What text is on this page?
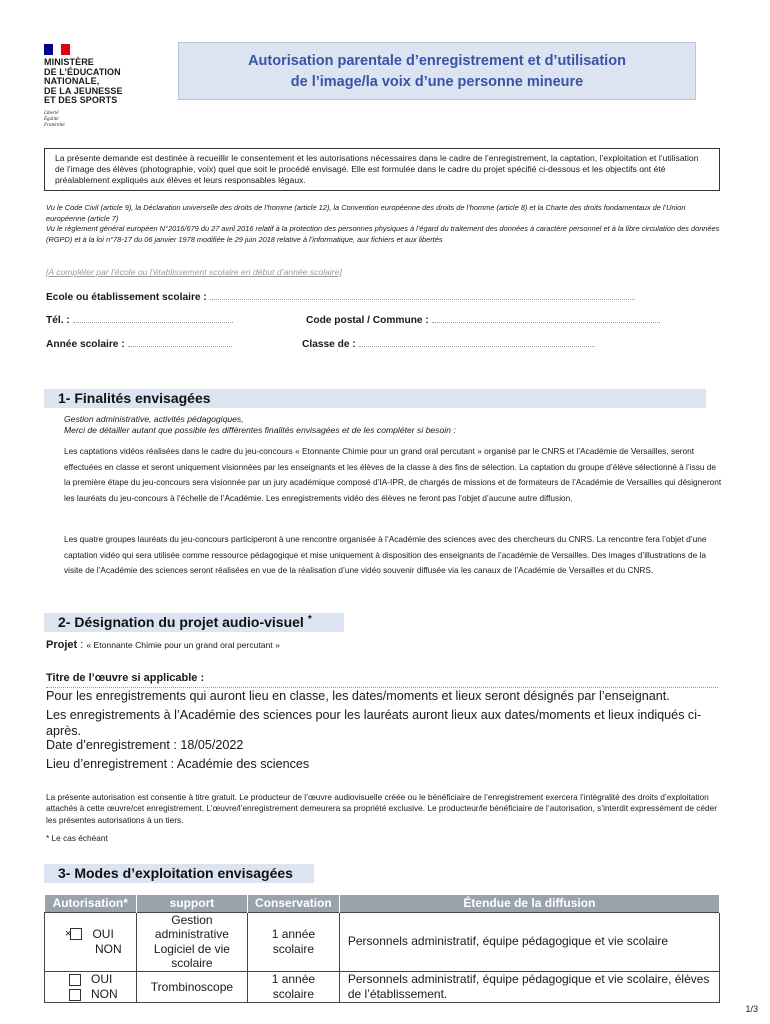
MINISTÈRE
DE L’ÉDUCATION
NATIONALE,
DE LA JEUNESSE
ET DES SPORTS
Liberté
Égalité
Fraternité
Autorisation parentale d’enregistrement et d’utilisation
de l’image/la voix d’une personne mineure
La présente demande est destinée à recueillir le consentement et les autorisations nécessaires dans le cadre de l’enregistrement, la captation, l’exploitation et l’utilisation de l’image des élèves (photographie, voix) quel que soit le procédé envisagé. Elle est formulée dans le cadre du projet spécifié ci-dessous et les objectifs ont été préalablement expliqués aux élèves et leurs responsables légaux.
Vu le Code Civil (article 9), la Déclaration universelle des droits de l’homme (article 12), la Convention européenne des droits de l’homme (article 8) et la Charte des droits fondamentaux de l’Union européenne (article 7)
Vu le règlement général européen N°2016/679 du 27 avril 2016 relatif à la protection des personnes physiques à l’égard du traitement des données à caractère personnel et à la libre circulation des données (RGPD) et à la loi n°78-17 du 06 janvier 1978 modifiée le 29 juin 2018 relative à l’informatique, aux fichiers et aux libertés
[A compléter par l’école ou l’établissement scolaire en début d’année scolaire]
Ecole ou établissement scolaire :
Tél. :	Code postal / Commune :
Année scolaire :	Classe de :
1- Finalités envisagées
Gestion administrative, activités pédagogiques,
Merci de détailler autant que possible les différentes finalités envisagées et de les compléter si besoin :
Les captations vidéos réalisées dans le cadre du jeu-concours « Etonnante Chimie pour un grand oral percutant » organisé par le CNRS et l’Académie de Versailles, seront effectuées en classe et seront uniquement visionnées par les enseignants et les élèves de la classe à des fins de sélection. La captation du groupe d’élève sélectionné à l’issu de la première étape du jeu-concours sera visionnée par un jury académique composé d’IA-IPR, de chargés de missions et de formateurs de l’Académie de Versailles qui désigneront les lauréats du jeu-concours à l’échelle de l’Académie. Les enregistrements vidéo des élèves ne feront pas l’objet d’aucune autre diffusion.
Les quatre groupes lauréats du jeu-concours participeront à une rencontre organisée à l’Académie des sciences avec des chercheurs du CNRS. La rencontre fera l’objet d’une captation vidéo qui sera utilisée comme ressource pédagogique et mise uniquement à disposition des enseignants de l’académie de Versailles. Des images d’illustrations de la visite de l’Académie des sciences seront réalisées en vue de la réalisation d’une vidéo souvenir diffusée via les canaux de l’Académie de Versailles et du CNRS.
2- Désignation du projet audio-visuel *
Projet : « Etonnante Chimie pour un grand oral percutant »
Titre de l’œuvre si applicable :
Pour les enregistrements qui auront lieu en classe, les dates/moments et lieux seront désignés par l’enseignant.
Les enregistrements à l’Académie des sciences pour les lauréats auront lieux aux dates/moments et lieux indiqués ci-après.
Date d’enregistrement : 18/05/2022
Lieu d’enregistrement : Académie des sciences
La présente autorisation est consentie à titre gratuit. Le producteur de l’œuvre audiovisuelle créée ou le bénéficiaire de l’enregistrement exercera l’intégralité des droits d’exploitation attachés à cette œuvre/cet enregistrement. L’œuvre/l’enregistrement demeurera sa propriété exclusive. Le producteur/le bénéficiaire de l’autorisation, s’interdit expressément de céder les présentes autorisations à un tiers.
* Le cas échéant
3- Modes d’exploitation envisagées
Autorisation*	support	Conservation	Étendue de la diffusion

× OUI
NON	Gestion administrative Logiciel de vie scolaire	1 année scolaire	Personnels administratif, équipe pédagogique et vie scolaire

OUI
NON	Trombinoscope	1 année scolaire	Personnels administratif, équipe pédagogique et vie scolaire, élèves de l’établissement.
1/3
